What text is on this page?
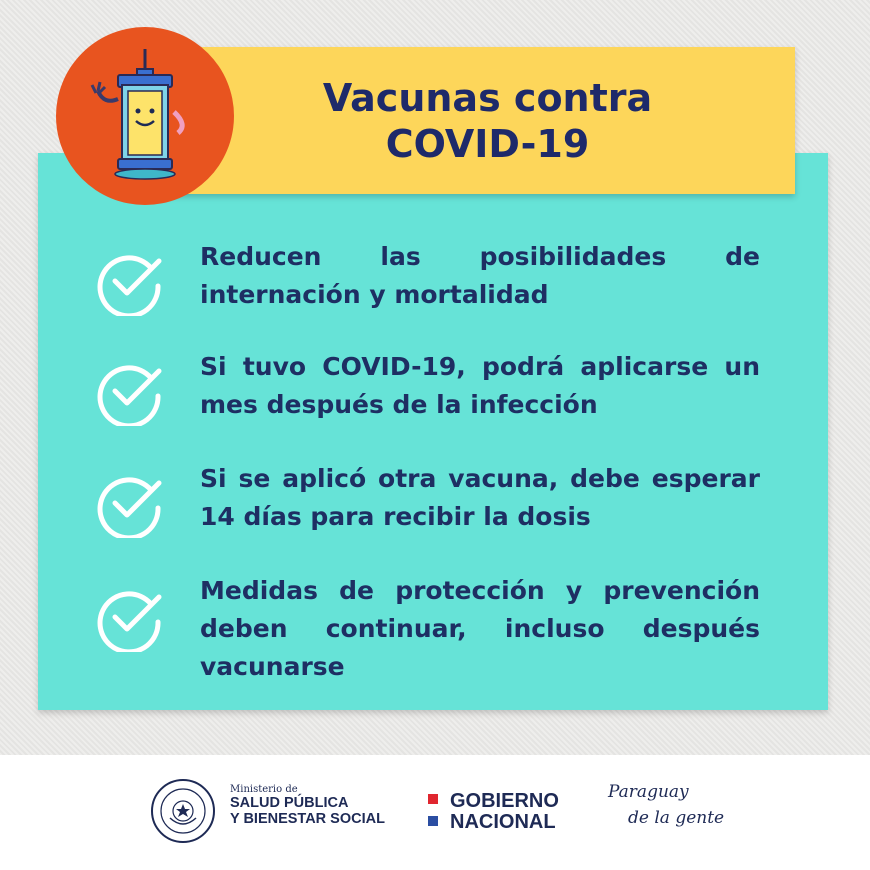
Vacunas contra
COVID-19
Reducen las posibilidades de internación y mortalidad
Si tuvo COVID-19, podrá aplicarse un mes después de la infección
Si se aplicó otra vacuna, debe esperar 14 días para recibir la dosis
Medidas de protección y prevención deben continuar, incluso después vacunarse
Ministerio de
SALUD PÚBLICA
Y BIENESTAR SOCIAL
GOBIERNO
NACIONAL
Paraguay
de la gente
